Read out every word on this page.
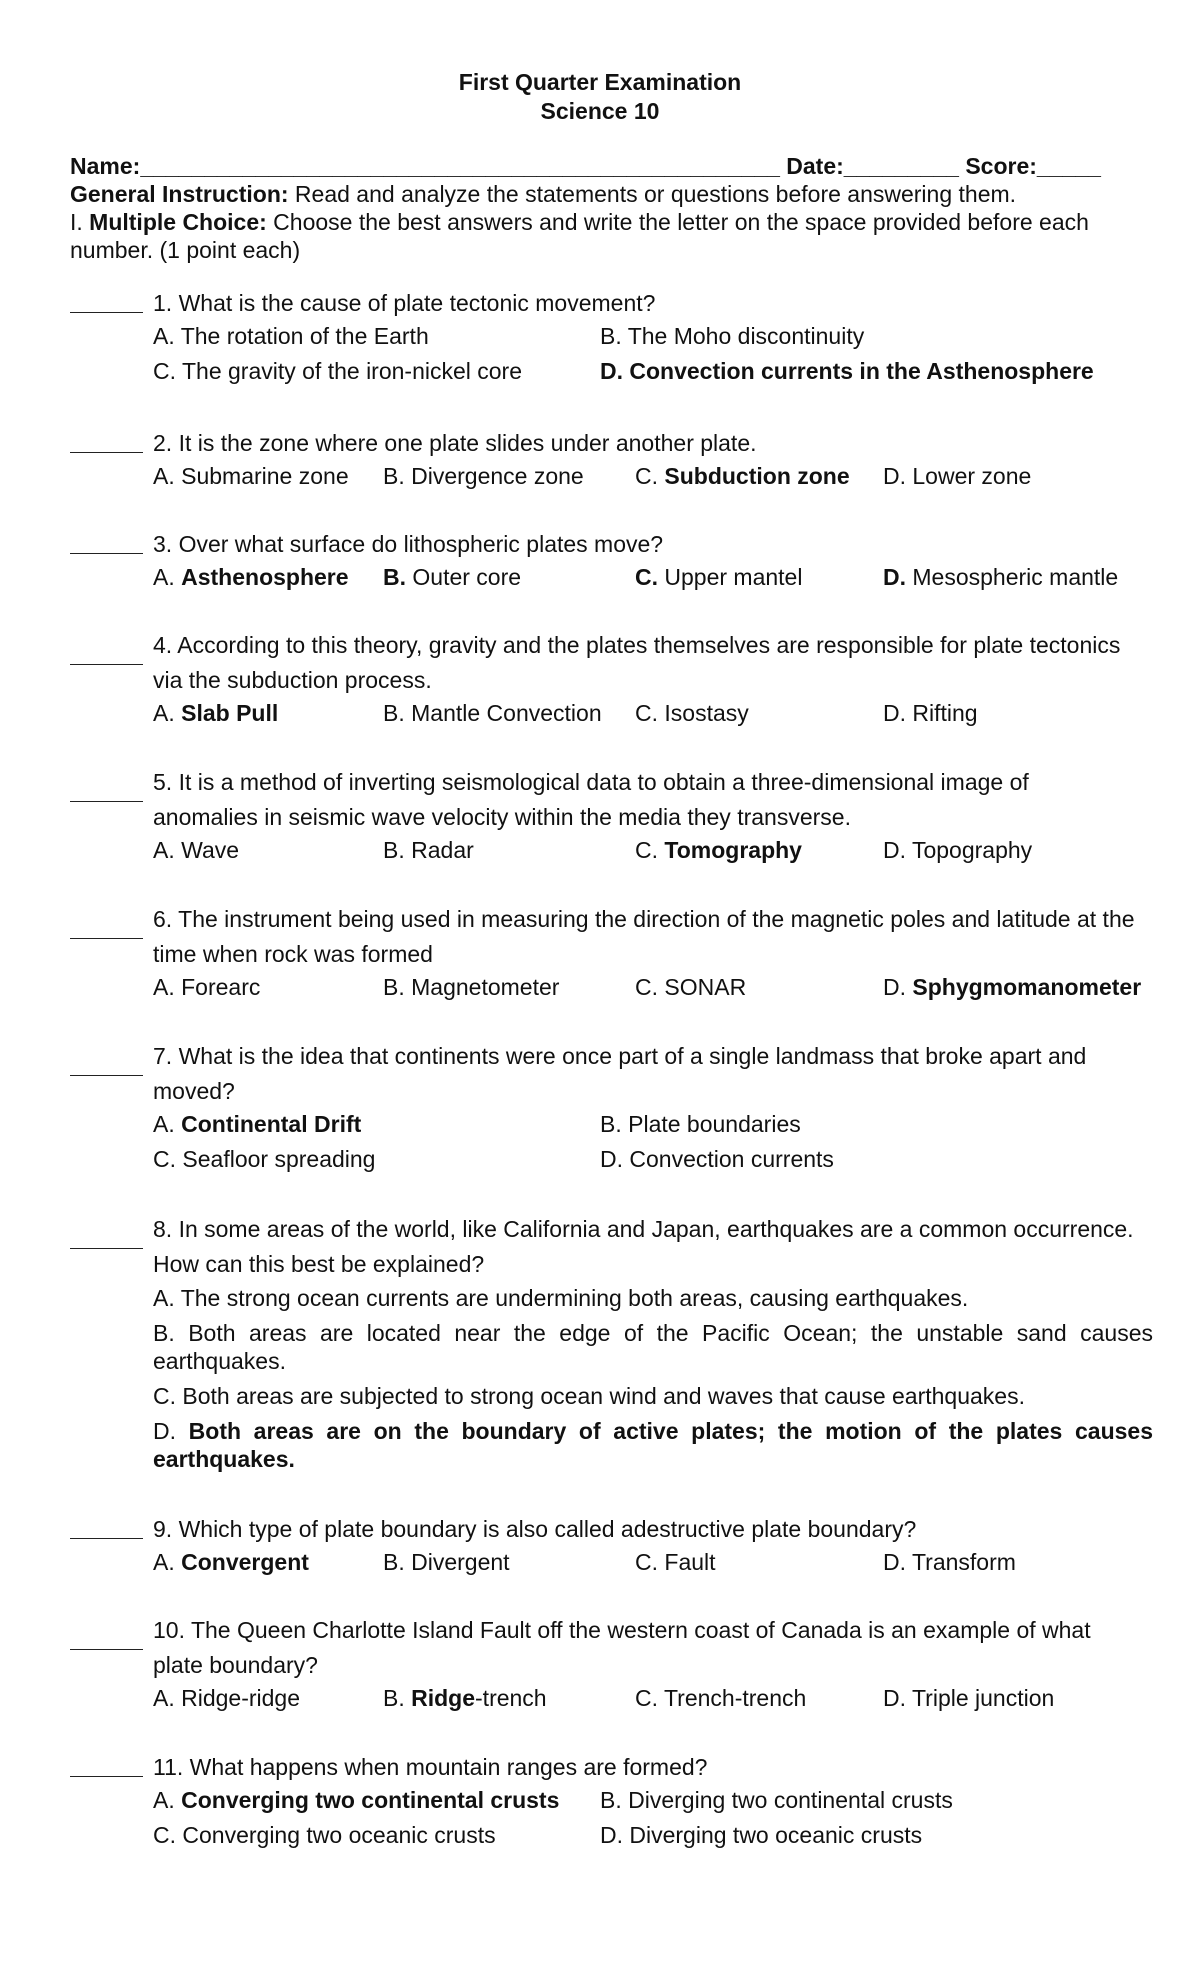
First Quarter Examination
Science 10
Name:__________________________________________________ Date:_________ Score:_____
General Instruction: Read and analyze the statements or questions before answering them.
I. Multiple Choice: Choose the best answers and write the letter on the space provided before each number. (1 point each)
1. What is the cause of plate tectonic movement?
A. The rotation of the Earth	B. The Moho discontinuity
C. The gravity of the iron-nickel core	D. Convection currents in the Asthenosphere
2. It is the zone where one plate slides under another plate.
A. Submarine zone B. Divergence zone C. Subduction zone D. Lower zone
3. Over what surface do lithospheric plates move?
A. Asthenosphere B. Outer core	C. Upper mantel	D. Mesospheric mantle
4. According to this theory, gravity and the plates themselves are responsible for plate tectonics via the subduction process.
A. Slab Pull	B. Mantle Convection C. Isostasy	D. Rifting
5. It is a method of inverting seismological data to obtain a three-dimensional image of anomalies in seismic wave velocity within the media they transverse.
A. Wave	B. Radar	C. Tomography	D. Topography
6. The instrument being used in measuring the direction of the magnetic poles and latitude at the time when rock was formed
A. Forearc	B. Magnetometer	C. SONAR	D. Sphygmomanometer
7. What is the idea that continents were once part of a single landmass that broke apart and moved?
A. Continental Drift	B. Plate boundaries
C. Seafloor spreading	D. Convection currents
8. In some areas of the world, like California and Japan, earthquakes are a common occurrence. How can this best be explained?
A. The strong ocean currents are undermining both areas, causing earthquakes.
B. Both areas are located near the edge of the Pacific Ocean; the unstable sand causes earthquakes.
C. Both areas are subjected to strong ocean wind and waves that cause earthquakes.
D. Both areas are on the boundary of active plates; the motion of the plates causes earthquakes.
9. Which type of plate boundary is also called adestructive plate boundary?
A. Convergent	B. Divergent	C. Fault	D. Transform
10. The Queen Charlotte Island Fault off the western coast of Canada is an example of what plate boundary?
A. Ridge-ridge	B. Ridge-trench	C. Trench-trench	D. Triple junction
11. What happens when mountain ranges are formed?
A. Converging two continental crusts B. Diverging two continental crusts
C. Converging two oceanic crusts	D. Diverging two oceanic crusts
